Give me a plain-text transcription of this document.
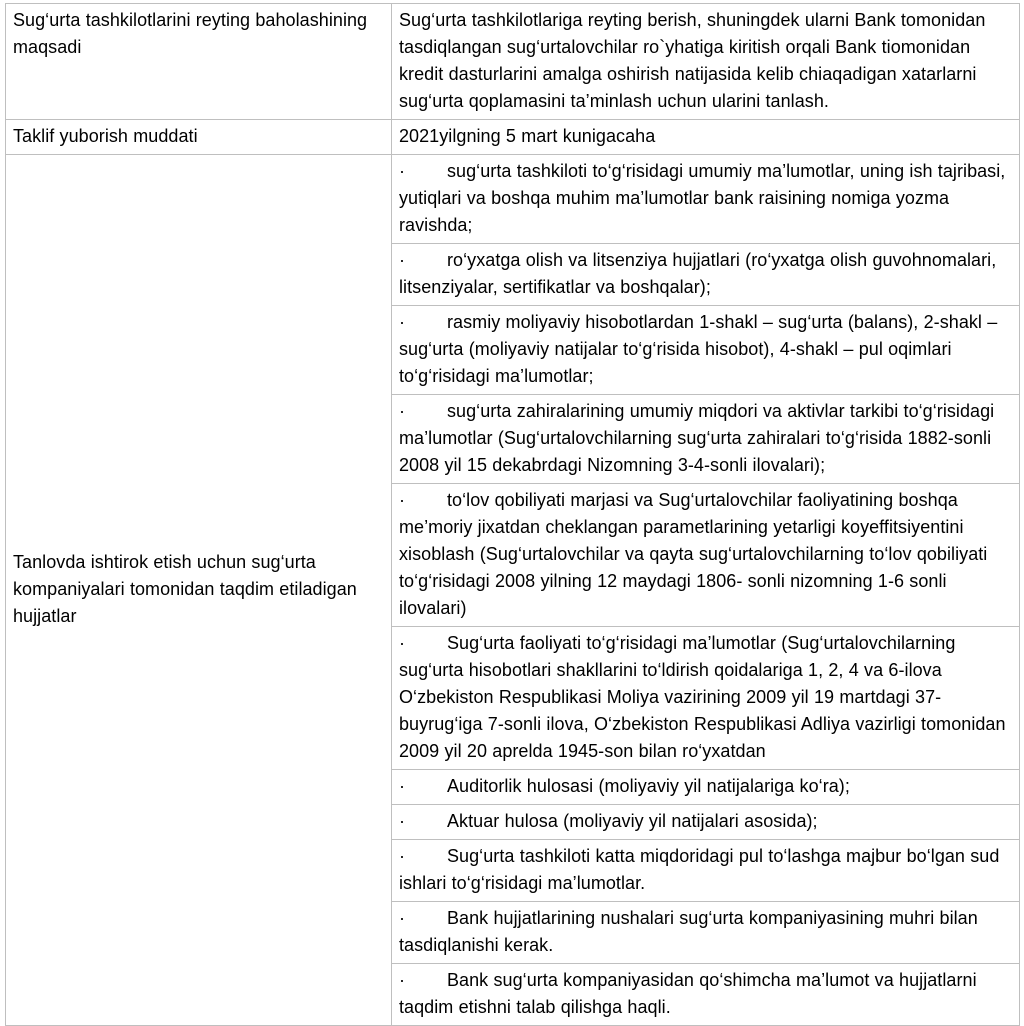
Sug‘urta tashkilotlarini reyting baholashining maqsadi	Sug‘urta tashkilotlariga reyting berish, shuningdek ularni Bank tomonidan tasdiqlangan sug‘urtalovchilar ro`yhatiga kiritish orqali Bank tiomonidan kredit dasturlarini amalga oshirish natijasida kelib chiaqadigan xatarlarni sug‘urta qoplamasini ta’minlash uchun ularini tanlash.
Taklif yuborish muddati	2021yilgning 5 mart kunigacaha
Tanlovda ishtirok etish uchun sug‘urta kompaniyalari tomonidan taqdim etiladigan hujjatlar	· sug‘urta tashkiloti to‘g‘risidagi umumiy ma’lumotlar, uning ish tajribasi, yutiqlari va boshqa muhim ma’lumotlar bank raisining nomiga yozma ravishda;

	· ro‘yxatga olish va litsenziya hujjatlari (ro‘yxatga olish guvohnomalari, litsenziyalar, sertifikatlar va boshqalar);

	· rasmiy moliyaviy hisobotlardan 1-shakl – sug‘urta (balans), 2-shakl – sug‘urta (moliyaviy natijalar to‘g‘risida hisobot), 4-shakl – pul oqimlari to‘g‘risidagi ma’lumotlar;

	· sug‘urta zahiralarining umumiy miqdori va aktivlar tarkibi to‘g‘risidagi ma’lumotlar (Sug‘urtalovchilarning sug‘urta zahiralari to‘g‘risida 1882-sonli 2008 yil 15 dekabrdagi Nizomning 3-4-sonli ilovalari);

	· to‘lov qobiliyati marjasi va Sug‘urtalovchilar faoliyatining boshqa me’moriy jixatdan cheklangan parametlarining yetarligi koyeffitsiyentini xisoblash (Sug‘urtalovchilar va qayta sug‘urtalovchilarning to‘lov qobiliyati to‘g‘risidagi 2008 yilning 12 maydagi 1806- sonli nizomning 1-6 sonli ilovalari)

	· Sug‘urta faoliyati to‘g‘risidagi ma’lumotlar (Sug‘urtalovchilarning sug‘urta hisobotlari shakllarini to‘ldirish qoidalariga 1, 2, 4 va 6-ilova O‘zbekiston Respublikasi Moliya vazirining 2009 yil 19 martdagi 37-buyrug‘iga 7-sonli ilova, O‘zbekiston Respublikasi Adliya vazirligi tomonidan 2009 yil 20 aprelda 1945-son bilan ro‘yxatdan

	· Auditorlik hulosasi (moliyaviy yil natijalariga ko‘ra);

	· Aktuar hulosa (moliyaviy yil natijalari asosida);

	· Sug‘urta tashkiloti katta miqdoridagi pul to‘lashga majbur bo‘lgan sud ishlari to‘g‘risidagi ma’lumotlar.

	· Bank hujjatlarining nushalari sug‘urta kompaniyasining muhri bilan tasdiqlanishi kerak.

	· Bank sug‘urta kompaniyasidan qo‘shimcha ma’lumot va hujjatlarni taqdim etishni talab qilishga haqli.
